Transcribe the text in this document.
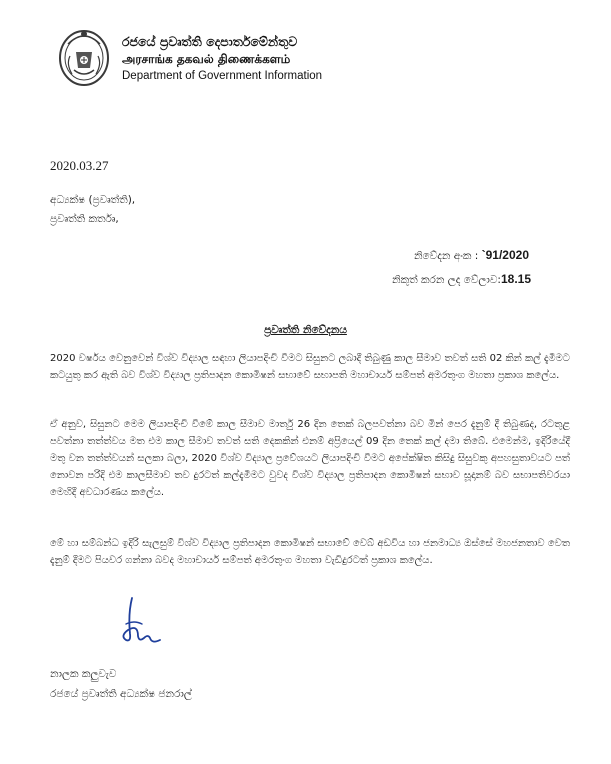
රජයේ ප්‍රවෘත්ති දෙපාර්තමේන්තුව
அரசாங்க தகவல் திணைக்களம்
Department of Government Information
2020.03.27
අධ්‍යක්ෂ (ප්‍රවෘත්ති),
ප්‍රවෘත්ති කර්තෘ,
නිවේදන අංක : `91/2020
නිකුත් කරන ලද වේලාව:18.15
ප්‍රවෘත්ති නිවේදනය
2020 වර්ෂය වෙනුවෙන් විශ්ව විද්‍යාල සඳහා ලියාපදිංචි වීමට සිසුනට ලබාදී තිබුණු කාල සීමාව තවත් සති 02 කින් කල් දැමීමට කටයුතු කර ඇති බව විශ්ව විද්‍යාල ප්‍රතිපාදන කොමිෂන් සභාවේ සභාපති මහාචාර්ය සම්පත් අමරතුංග මහතා ප්‍රකාශ කලේය.
ඒ අනුව, සිසුනට මෙම ලියාපදිංචි වීමේ කාල සීමාව මාර්තු 26 දින තෙක් බලපවත්නා බව මින් පෙර දැනුම් දී තිබුණද, රටතුළ පවත්නා තත්ත්වය මත එම කාල සීමාව තවත් සති දෙකකින් එනම් අප්‍රියෙල් 09 දින තෙක් කල් දමා තිබේ. එමෙන්ම, ඉදිරියේදී මතු වන තත්ත්වයන් සලකා බලා, 2020 විශ්ව විද්‍යාල ප්‍රවේශයට ලියාපදිංචි වීමට අපේක්ෂිත කිසිදු සිසුවකු අපහසුතාවයට පත් නොවන පරිදි එම කාලසීමාව තව දුරටත් කල්දැමීමට වුවද විශ්ව විද්‍යාල ප්‍රතිපාදන කොමිෂන් සභාව සූදානම් බව සභාපතිවරයා මෙහිදී අවධාරණය කලේය.
මේ හා සම්බන්ධ ඉදිරි සැලසුම් විශ්ව විද්‍යාල ප්‍රතිපාදන කොමිෂන් සභාවේ වෙබ් අඩවිය හා ජනමාධ්‍ය ඔස්සේ මහජනතාව වෙත දැනුම් දීමට පියවර ගන්නා බවද මහාචාර්ය සම්පත් අමරතුංග මහතා වැඩිදුරටත් ප්‍රකාශ කලේය.
නාලක කලුවැව
රජයේ ප්‍රවෘත්ති අධ්‍යක්ෂ ජනරාල්
